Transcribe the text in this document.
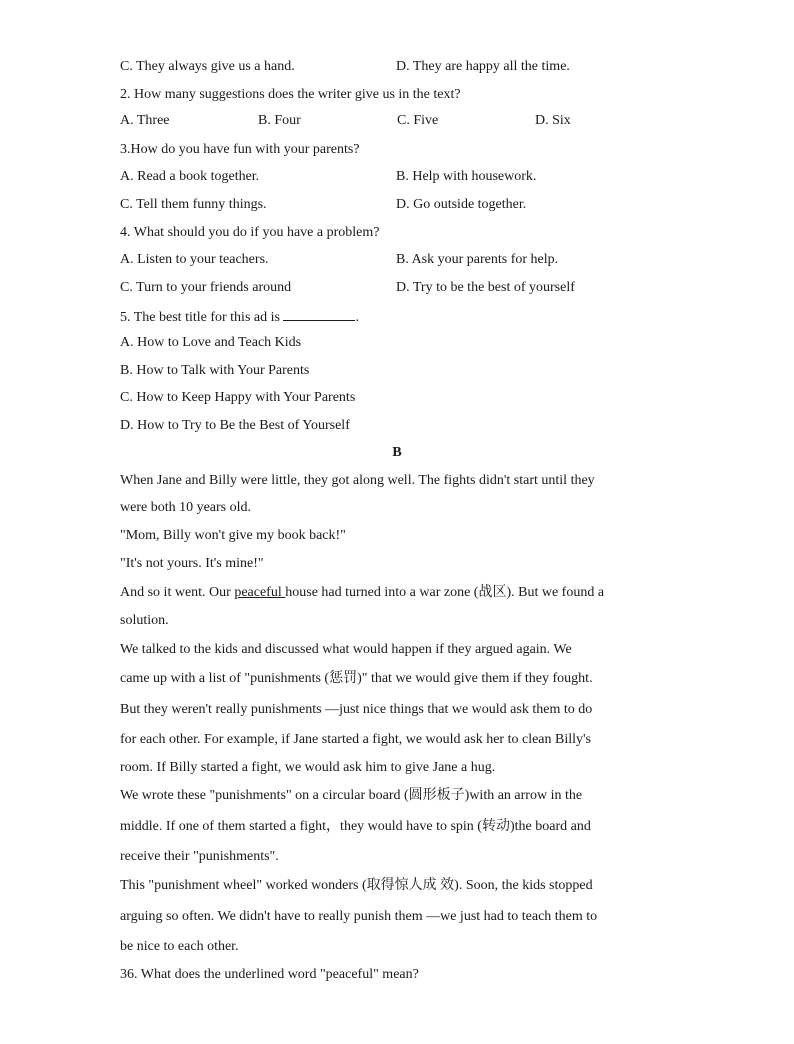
C. They always give us a hand.	D. They are happy all the time.
2. How many suggestions does the writer give us in the text?
A. Three	B. Four	C. Five	D. Six
3.How do you have fun with your parents?
A. Read a book together.	B. Help with housework.
C. Tell them funny things.	D. Go outside together.
4. What should you do if you have a problem?
A. Listen to your teachers.	B. Ask your parents for help.
C. Turn to your friends around	D. Try to be the best of yourself
5. The best title for this ad is	.
A. How to Love and Teach Kids
B. How to Talk with Your Parents
C. How to Keep Happy with Your Parents
D. How to Try to Be the Best of Yourself
B
When Jane and Billy were little, they got along well. The fights didn't start until they
were both 10 years old.
"Mom, Billy won't give my book back!"
"It's not yours. It's mine!"
And so it went. Our peaceful house had turned into a war zone (战区). But we found a
solution.
We talked to the kids and discussed what would happen if they argued again. We
came up with a list of "punishments (惩罚)" that we would give them if they fought.
But they weren't really punishments —just nice things that we would ask them to do
for each other. For example, if Jane started a fight, we would ask her to clean Billy's
room. If Billy started a fight, we would ask him to give Jane a hug.
We wrote these "punishments" on a circular board (圆形板子)with an arrow in the
middle. If one of them started a fight，they would have to spin (转动)the board and
receive their "punishments".
This "punishment wheel" worked wonders (取得惊人成 效). Soon, the kids stopped
arguing so often. We didn't have to really punish them —we just had to teach them to
be nice to each other.
36. What does the underlined word "peaceful" mean?
